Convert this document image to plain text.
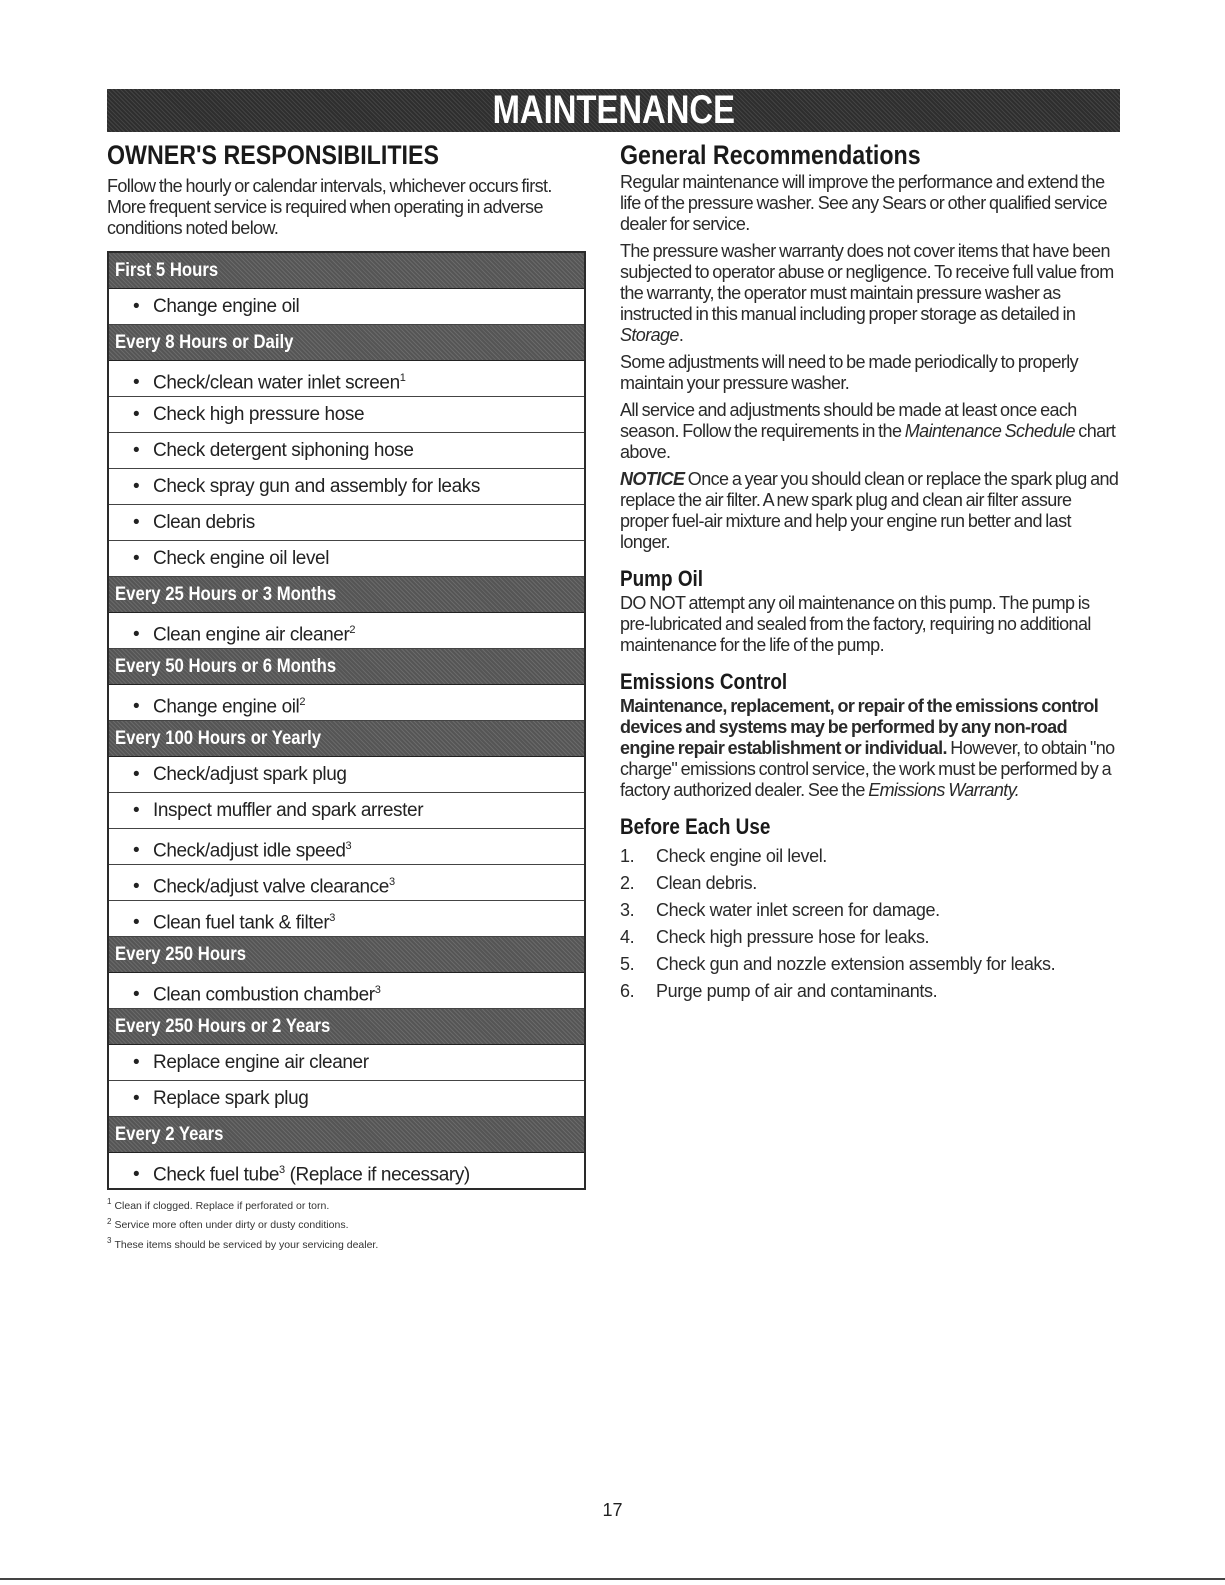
MAINTENANCE
OWNER'S RESPONSIBILITIES

Follow the hourly or calendar intervals, whichever occurs first. More frequent service is required when operating in adverse conditions noted below.

First 5 Hours
• Change engine oil
Every 8 Hours or Daily
• Check/clean water inlet screen$^1$
• Check high pressure hose
• Check detergent siphoning hose
• Check spray gun and assembly for leaks
• Clean debris
• Check engine oil level
Every 25 Hours or 3 Months
• Clean engine air cleaner$^2$
Every 50 Hours or 6 Months
• Change engine oil$^2$
Every 100 Hours or Yearly
• Check/adjust spark plug
• Inspect muffler and spark arrester
• Check/adjust idle speed$^3$
• Check/adjust valve clearance$^3$
• Clean fuel tank & filter$^3$
Every 250 Hours
• Clean combustion chamber$^3$
Every 250 Hours or 2 Years
• Replace engine air cleaner
• Replace spark plug
Every 2 Years
• Check fuel tube$^3$ (Replace if necessary)
$^1$ Clean if clogged. Replace if perforated or torn.
$^2$ Service more often under dirty or dusty conditions.
$^3$ These items should be serviced by your servicing dealer.
General Recommendations

Regular maintenance will improve the performance and extend the life of the pressure washer. See any Sears or other qualified service dealer for service.

The pressure washer warranty does not cover items that have been subjected to operator abuse or negligence. To receive full value from the warranty, the operator must maintain pressure washer as instructed in this manual including proper storage as detailed in Storage.

Some adjustments will need to be made periodically to properly maintain your pressure washer.

All service and adjustments should be made at least once each season. Follow the requirements in the Maintenance Schedule chart above.

NOTICE Once a year you should clean or replace the spark plug and replace the air filter. A new spark plug and clean air filter assure proper fuel-air mixture and help your engine run better and last longer.

Pump Oil

DO NOT attempt any oil maintenance on this pump. The pump is pre-lubricated and sealed from the factory, requiring no additional maintenance for the life of the pump.

Emissions Control

Maintenance, replacement, or repair of the emissions control devices and systems may be performed by any non-road engine repair establishment or individual. However, to obtain "no charge" emissions control service, the work must be performed by a factory authorized dealer. See the Emissions Warranty.

Before Each Use
1. Check engine oil level.
2. Clean debris.
3. Check water inlet screen for damage.
4. Check high pressure hose for leaks.
5. Check gun and nozzle extension assembly for leaks.
6. Purge pump of air and contaminants.
17
